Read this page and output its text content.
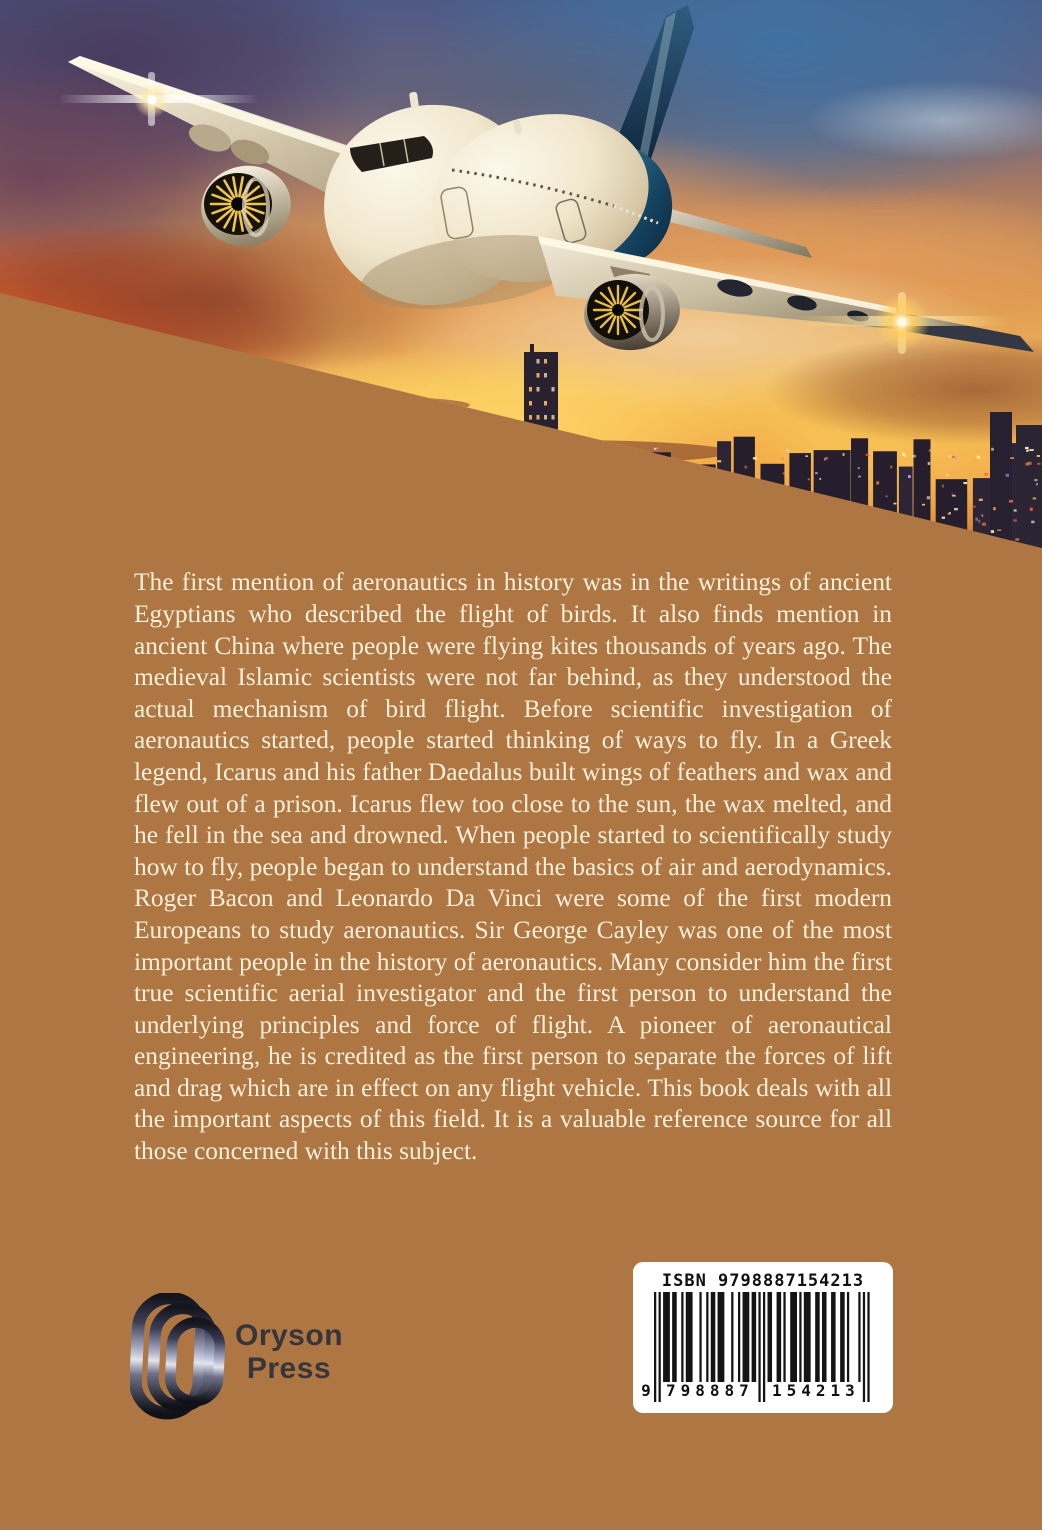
The first mention of aeronautics in history was in the writings of ancient Egyptians who described the flight of birds. It also finds mention in ancient China where people were flying kites thousands of years ago. The medieval Islamic scientists were not far behind, as they understood the actual mechanism of bird flight. Before scientific investigation of aeronautics started, people started thinking of ways to fly. In a Greek legend, Icarus and his father Daedalus built wings of feathers and wax and flew out of a prison. Icarus flew too close to the sun, the wax melted, and he fell in the sea and drowned. When people started to scientifically study how to fly, people began to understand the basics of air and aerodynamics. Roger Bacon and Leonardo Da Vinci were some of the first modern Europeans to study aeronautics. Sir George Cayley was one of the most important people in the history of aeronautics. Many consider him the first true scientific aerial investigator and the first person to understand the underlying principles and force of flight. A pioneer of aeronautical engineering, he is credited as the first person to separate the forces of lift and drag which are in effect on any flight vehicle. This book deals with all the important aspects of this field. It is a valuable reference source for all those concerned with this subject.

Oryson
Press
ISBN 9798887154213
9 798887 154213
